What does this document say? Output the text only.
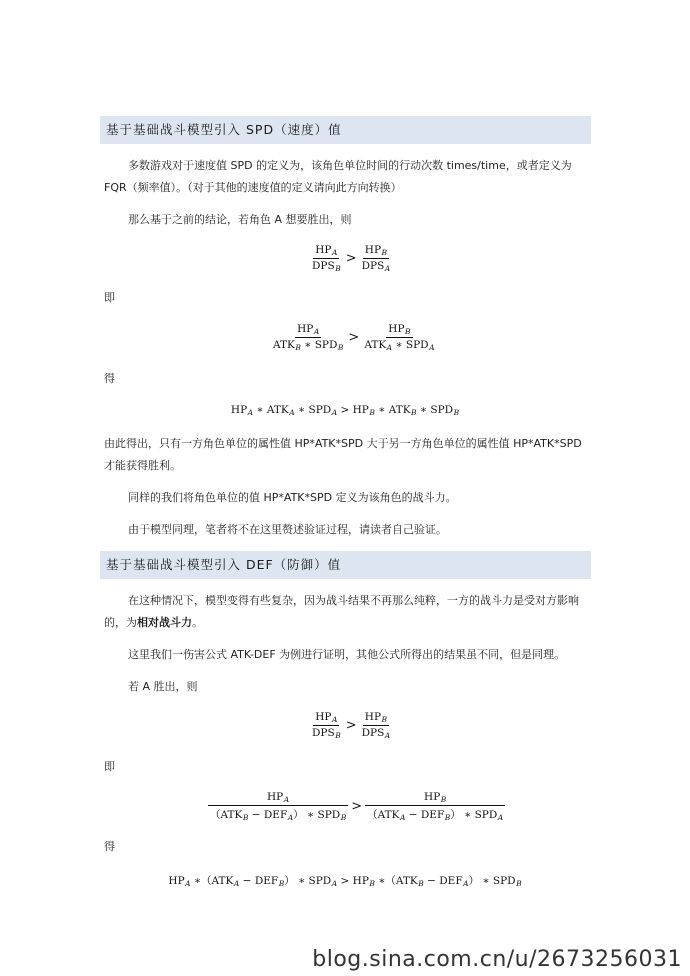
基于基础战斗模型引入 SPD（速度）值
多数游戏对于速度值 SPD 的定义为，该角色单位时间的行动次数 times/time，或者定义为 FQR（频率值）。（对于其他的速度值的定义请向此方向转换）
那么基于之前的结论，若角色 A 想要胜出，则
$\frac{HP_A}{DPS_B} > \frac{HP_B}{DPS_A}$
即
$\frac{HP_A}{ATK_B ∗ SPD_B} > \frac{HP_B}{ATK_A ∗ SPD_A}$
得
$HP_A$ ∗ $ATK_A$ ∗ $SPD_A > HP_B$ ∗ $ATK_B$ ∗ $SPD_B$
由此得出，只有一方角色单位的属性值 HP*ATK*SPD 大于另一方角色单位的属性值 HP*ATK*SPD 才能获得胜利。
同样的我们将角色单位的值 HP*ATK*SPD 定义为该角色的战斗力。
由于模型同理，笔者将不在这里赘述验证过程，请读者自己验证。
基于基础战斗模型引入 DEF（防御）值
在这种情况下，模型变得有些复杂，因为战斗结果不再那么纯粹，一方的战斗力是受对方影响的，为相对战斗力。
这里我们一伤害公式 ATK-DEF 为例进行证明，其他公式所得出的结果虽不同，但是同理。
若 A 胜出，则
$\frac{HP_A}{DPS_B} > \frac{HP_B}{DPS_A}$
即
$\frac{HP_A}{(ATK_B - DEF_A) ∗ SPD_B} > \frac{HP_B}{(ATK_A - DEF_B) ∗ SPD_A}$
得
$HP_A$ $∗(ATK_A - DEF_B)$ ∗ $SPD_A > HP_B$ $∗(ATK_B - DEF_A)$ ∗ $SPD_B$
blog.sina.com.cn/u/2673256031
